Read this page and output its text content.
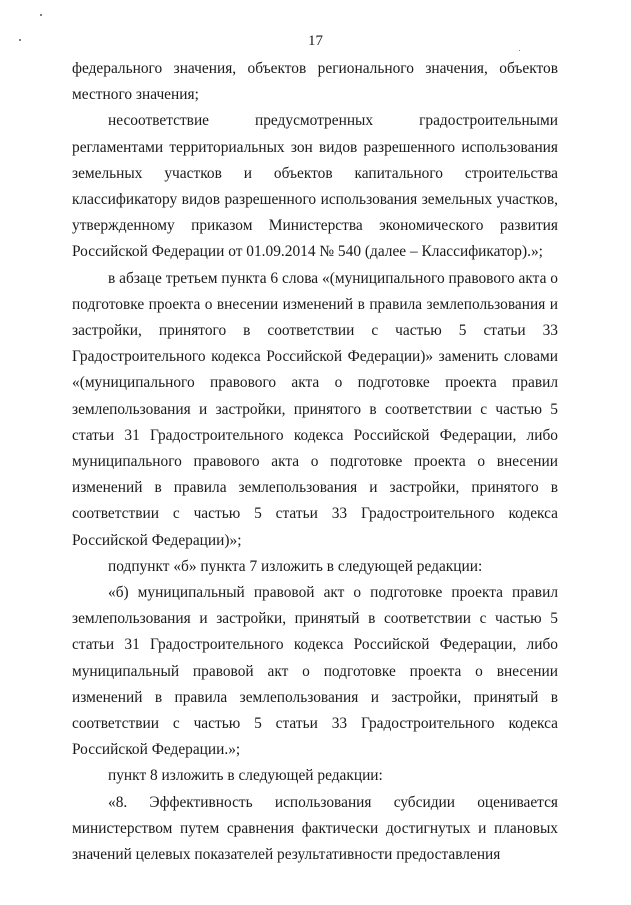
17

федерального значения, объектов регионального значения, объектов местного значения;

несоответствие предусмотренных градостроительными регламентами территориальных зон видов разрешенного использования земельных участков и объектов капитального строительства классификатору видов разрешенного использования земельных участков, утвержденному приказом Министерства экономического развития Российской Федерации от 01.09.2014 № 540 (далее – Классификатор).»;

в абзаце третьем пункта 6 слова «(муниципального правового акта о подготовке проекта о внесении изменений в правила землепользования и застройки, принятого в соответствии с частью 5 статьи 33 Градостроительного кодекса Российской Федерации)» заменить словами «(муниципального правового акта о подготовке проекта правил землепользования и застройки, принятого в соответствии с частью 5 статьи 31 Градостроительного кодекса Российской Федерации, либо муниципального правового акта о подготовке проекта о внесении изменений в правила землепользования и застройки, принятого в соответствии с частью 5 статьи 33 Градостроительного кодекса Российской Федерации)»;

подпункт «б» пункта 7 изложить в следующей редакции:

«б) муниципальный правовой акт о подготовке проекта правил землепользования и застройки, принятый в соответствии с частью 5 статьи 31 Градостроительного кодекса Российской Федерации, либо муниципальный правовой акт о подготовке проекта о внесении изменений в правила землепользования и застройки, принятый в соответствии с частью 5 статьи 33 Градостроительного кодекса Российской Федерации.»;

пункт 8 изложить в следующей редакции:

«8. Эффективность использования субсидии оценивается министерством путем сравнения фактически достигнутых и плановых значений целевых показателей результативности предоставления
